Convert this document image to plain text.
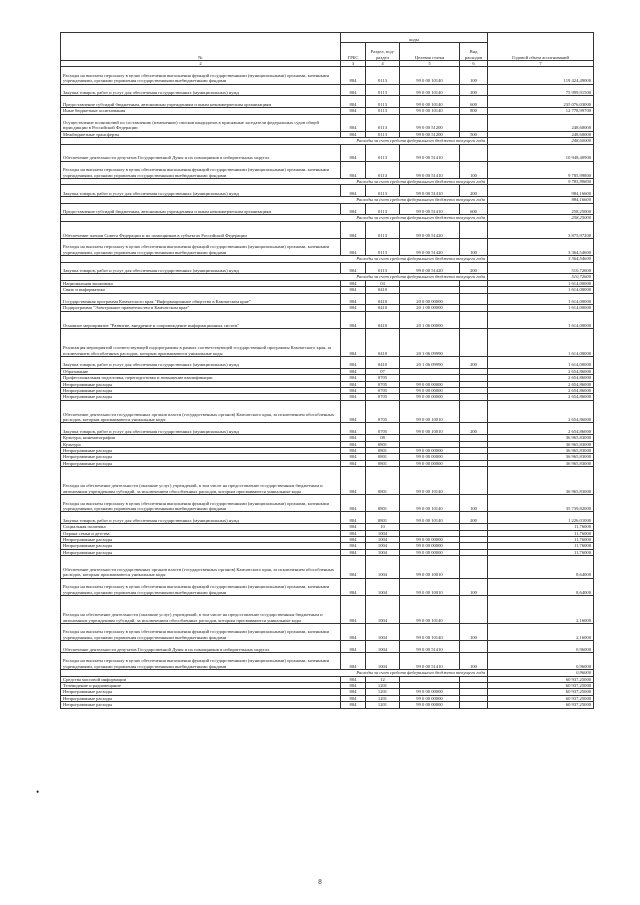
№	коды				Годовой объем ассигнований
	ГРБС	Раздел, под-раздел	Целевая статья	Вид расходов	

2	3	4	5	6	7
Расходы на выплаты персоналу в целях обеспечения выполнения функций государственными (муниципальными) органами, казенными учреждениями, органами управления государственными внебюджетными фондами	804	0113	99 0 00 10140	100	119 424,49000
Закупка товаров, работ и услуг для обеспечения государственных (муниципальных) нужд	804	0113	99 0 00 10140	200	75 999,91500
Предоставление субсидий бюджетным, автономным учреждениям и иным некоммерческим организациям	804	0113	99 0 00 10140	600	235 076,03000
Иные бюджетные ассигнования	804	0113	99 0 00 10140	800	12 778,99700
Осуществление полномочий по составлению (изменению) списков кандидатов в присяжные заседатели федеральных судов общей юрисдикции в Российской Федерации	804	0113	99 0 00 51200		248,60000
Межбюджетные трансферты	804	0113	99 0 00 51200	500	248,60000
Расходы за счет средств федерального бюджета текущего года					248,60000
Обеспечение деятельности депутатов Государственной Думы и их помощников в избирательных округах	804	0113	99 0 00 51410		10 948,40900
Расходы на выплаты персоналу в целях обеспечения выполнения функций государственными (муниципальными) органами, казенными учреждениями, органами управления государственными внебюджетными фондами	804	0113	99 0 00 51410	100	9 785,99800
Расходы за счет средств федерального бюджета текущего года					9 785,99800
Закупка товаров, работ и услуг для обеспечения государственных (муниципальных) нужд	804	0113	99 0 00 51410	200	984,16600
Расходы за счет средств федерального бюджета текущего года					984,16600
Предоставление субсидий бюджетным, автономным учреждениям и иным некоммерческим организациям	804	0113	99 0 00 51410	600	258,25000
Расходы за счет средств федерального бюджета текущего года					258,25000
Обеспечение членов Совета Федерации и их помощников в субъектах Российской Федерации	804	0113	99 0 00 51420		3 875,97200
Расходы на выплаты персоналу в целях обеспечения выполнения функций государственными (муниципальными) органами, казенными учреждениями, органами управления государственными внебюджетными фондами	804	0113	99 0 00 51420	100	3 364,54600
Расходы за счет средств федерального бюджета текущего года					3 364,54600
Закупка товаров, работ и услуг для обеспечения государственных (муниципальных) нужд	804	0113	99 0 00 51420	200	510,72600
Расходы за счет средств федерального бюджета текущего года					510,72600
Национальная экономика	804	04			1 614,00000
Связь и информатика	804	0410			1 614,00000
Государственная программа Камчатского края "Информационное общество в Камчатском крае"	804	0410	20 0 00 00000		1 614,00000
Подпрограмма "Электронное правительство в Камчатском крае"	804	0410	20 1 00 00000		1 614,00000
Основное мероприятие "Развитие, внедрение и сопровождение информационных систем"	804	0410	20 1 06 00000		1 614,00000
Реализация мероприятий соответствующей подпрограммы в рамках соответствующей государственной программы Камчатского края, за исключением обособленных расходов, которым присваиваются уникальные коды	804	0410	20 1 06 09990		1 614,00000
Закупка товаров, работ и услуг для обеспечения государственных (муниципальных) нужд	804	0410	20 1 06 09990	200	1 614,00000
Образование	804	07			2 654,86000
Профессиональная подготовка, переподготовка и повышение квалификации	804	0705			2 654,86000
Непрограммные расходы	804	0705	99 0 00 00000		2 654,86000
Непрограммные расходы	804	0705	99 0 00 00000		2 654,86000
Непрограммные расходы	804	0705	99 0 00 00000		2 654,86000
Обеспечение деятельности государственных органов власти (государственных органов) Камчатского края, за исключением обособленных расходов, которым присваиваются уникальные коды	804	0705	99 0 00 10010		2 654,86000
Закупка товаров, работ и услуг для обеспечения государственных (муниципальных) нужд	804	0705	99 0 00 10010	200	2 654,86000
Культура, кинематография	804	08			36 965,83000
Культура	804	0801			36 965,83000
Непрограммные расходы	804	0801	99 0 00 00000		36 965,83000
Непрограммные расходы	804	0801	99 0 00 00000		36 965,83000
Непрограммные расходы	804	0801	99 0 00 00000		36 965,83000
Расходы на обеспечение деятельности (оказание услуг) учреждений, в том числе на предоставление государственным бюджетным и автономным учреждениям субсидий, за исключением обособленных расходов, которым присваиваются уникальные коды	804	0801	99 0 00 10140		36 965,83000
Расходы на выплаты персоналу в целях обеспечения выполнения функций государственными (муниципальными) органами, казенными учреждениями, органами управления государственными внебюджетными фондами	804	0801	99 0 00 10140	100	35 739,82000
Закупка товаров, работ и услуг для обеспечения государственных (муниципальных) нужд	804	0801	99 0 00 10140	200	1 226,01000
Социальная политика	804	10			11,76000
Охрана семьи и детства	804	1004			11,76000
Непрограммные расходы	804	1004	99 0 00 00000		11,76000
Непрограммные расходы	804	1004	99 0 00 00000		11,76000
Непрограммные расходы	804	1004	99 0 00 00000		11,76000
Обеспечение деятельности государственных органов власти (государственных органов) Камчатского края, за исключением обособленных расходов, которым присваиваются уникальные коды	804	1004	99 0 00 10010		8,64000
Расходы на выплаты персоналу в целях обеспечения выполнения функций государственными (муниципальными) органами, казенными учреждениями, органами управления государственными внебюджетными фондами	804	1004	99 0 00 10010	100	8,64000
Расходы на обеспечение деятельности (оказание услуг) учреждений, в том числе на предоставление государственным бюджетным и автономным учреждениям субсидий, за исключением обособленных расходов, которым присваиваются уникальные коды	804	1004	99 0 00 10140		2,16000
Расходы на выплаты персоналу в целях обеспечения выполнения функций государственными (муниципальными) органами, казенными учреждениями, органами управления государственными внебюджетными фондами	804	1004	99 0 00 10140	100	2,16000
Обеспечение деятельности депутатов Государственной Думы и их помощников в избирательных округах	804	1004	99 0 00 51410		0,96000
Расходы на выплаты персоналу в целях обеспечения выполнения функций государственными (муниципальными) органами, казенными учреждениями, органами управления государственными внебюджетными фондами	804	1004	99 0 00 51410	100	0,96000
Расходы за счет средств федерального бюджета текущего года					0,96000
Средства массовой информации	804	12			60 937,25000
Телевидение и радиовещание	804	1201			60 937,25000
Непрограммные расходы	804	1201	99 0 00 00000		60 937,25000
Непрограммные расходы	804	1201	99 0 00 00000		60 937,25000
Непрограммные расходы	804	1201	99 0 00 00000		60 937,25000
•
8
